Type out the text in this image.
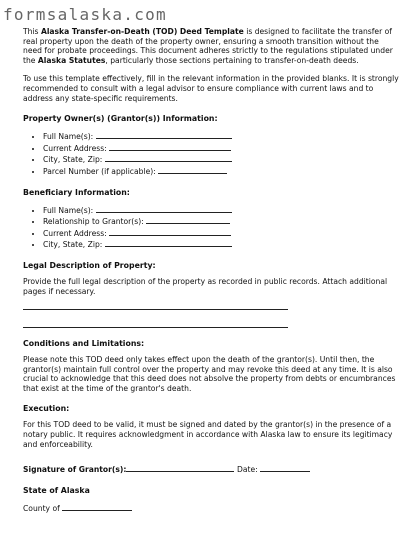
formsalaska.com

This Alaska Transfer-on-Death (TOD) Deed Template is designed to facilitate the transfer of real property upon the death of the property owner, ensuring a smooth transition without the need for probate proceedings. This document adheres strictly to the regulations stipulated under the Alaska Statutes, particularly those sections pertaining to transfer-on-death deeds.

To use this template effectively, fill in the relevant information in the provided blanks. It is strongly recommended to consult with a legal advisor to ensure compliance with current laws and to address any state-specific requirements.

Property Owner(s) (Grantor(s)) Information:
• Full Name(s):
• Current Address:
• City, State, Zip:
• Parcel Number (if applicable):
Beneficiary Information:
• Full Name(s):
• Relationship to Grantor(s):
• Current Address:
• City, State, Zip:
Legal Description of Property:

Provide the full legal description of the property as recorded in public records. Attach additional pages if necessary.

Conditions and Limitations:

Please note this TOD deed only takes effect upon the death of the grantor(s). Until then, the grantor(s) maintain full control over the property and may revoke this deed at any time. It is also crucial to acknowledge that this deed does not absolve the property from debts or encumbrances that exist at the time of the grantor's death.

Execution:

For this TOD deed to be valid, it must be signed and dated by the grantor(s) in the presence of a notary public. It requires acknowledgment in accordance with Alaska law to ensure its legitimacy and enforceability.

Signature of Grantor(s):	Date:

State of Alaska

County of
